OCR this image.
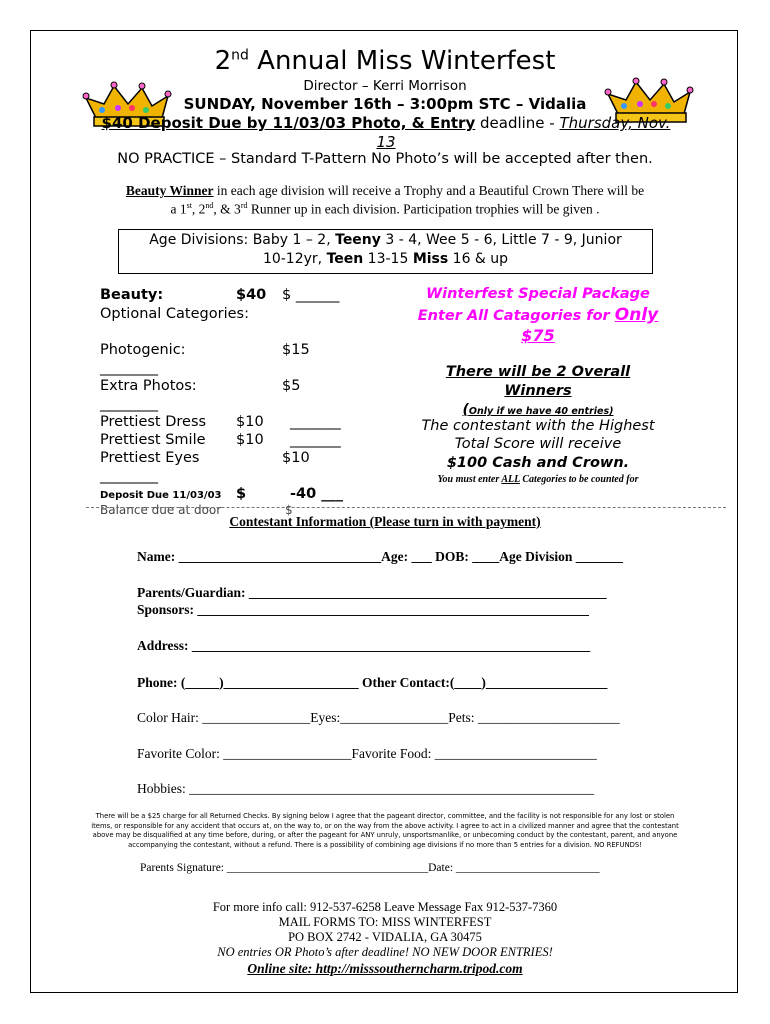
2nd Annual Miss Winterfest
Director – Kerri Morrison
SUNDAY, November 16th – 3:00pm STC – Vidalia
$40 Deposit Due by 11/03/03 Photo, & Entry deadline - Thursday, Nov. 13
NO PRACTICE – Standard T-Pattern No Photo’s will be accepted after then.
Beauty Winner in each age division will receive a Trophy and a Beautiful Crown There will be
a 1st, 2nd, & 3rd Runner up in each division. Participation trophies will be given .
Age Divisions: Baby 1 – 2, Teeny 3 - 4, Wee 5 - 6, Little 7 - 9, Junior
10-12yr, Teen 13-15 Miss 16 & up
Beauty:	$40 $ ______
Optional Categories:
Photogenic:	$15
________
Extra Photos:	$5
________
Prettiest Dress $10 _______
Prettiest Smile $10 _______
Prettiest Eyes	$10
________
Deposit Due 11/03/03 $	-40 ___
Balance due at door	$
Winterfest Special Package
Enter All Catagories for Only
$75
There will be 2 Overall
Winners
(Only if we have 40 entries)
The contestant with the Highest
Total Score will receive
$100 Cash and Crown.
You must enter ALL Categories to be counted for
Contestant Information (Please turn in with payment)
Name: ______________________________Age: ___ DOB: ____Age Division _______
Parents/Guardian: _____________________________________________________
Sponsors: __________________________________________________________
Address: ___________________________________________________________
Phone: (_____)____________________ Other Contact:(____)__________________
Color Hair: ________________Eyes:________________Pets: _____________________
Favorite Color: ___________________Favorite Food: ________________________
Hobbies: ____________________________________________________________
There will be a $25 charge for all Returned Checks. By signing below I agree that the pageant director, committee, and the facility is not responsible for any lost or stolen items, or responsible for any accident that occurs at, on the way to, or on the way from the above activity. I agree to act in a civilized manner and agree that the contestant above may be disqualified at any time before, during, or after the pageant for ANY unruly, unsportsmanlike, or unbecoming conduct by the contestant, parent, and anyone accompanying the contestant, without a refund. There is a possibility of combining age divisions if no more than 5 entries for a division. NO REFUNDS!
Parents Signature: ___________________________________Date: _________________________
For more info call: 912-537-6258 Leave Message Fax 912-537-7360
MAIL FORMS TO: MISS WINTERFEST
PO BOX 2742 - VIDALIA, GA 30475
NO entries OR Photo’s after deadline! NO NEW DOOR ENTRIES!
Online site: http://misssoutherncharm.tripod.com
